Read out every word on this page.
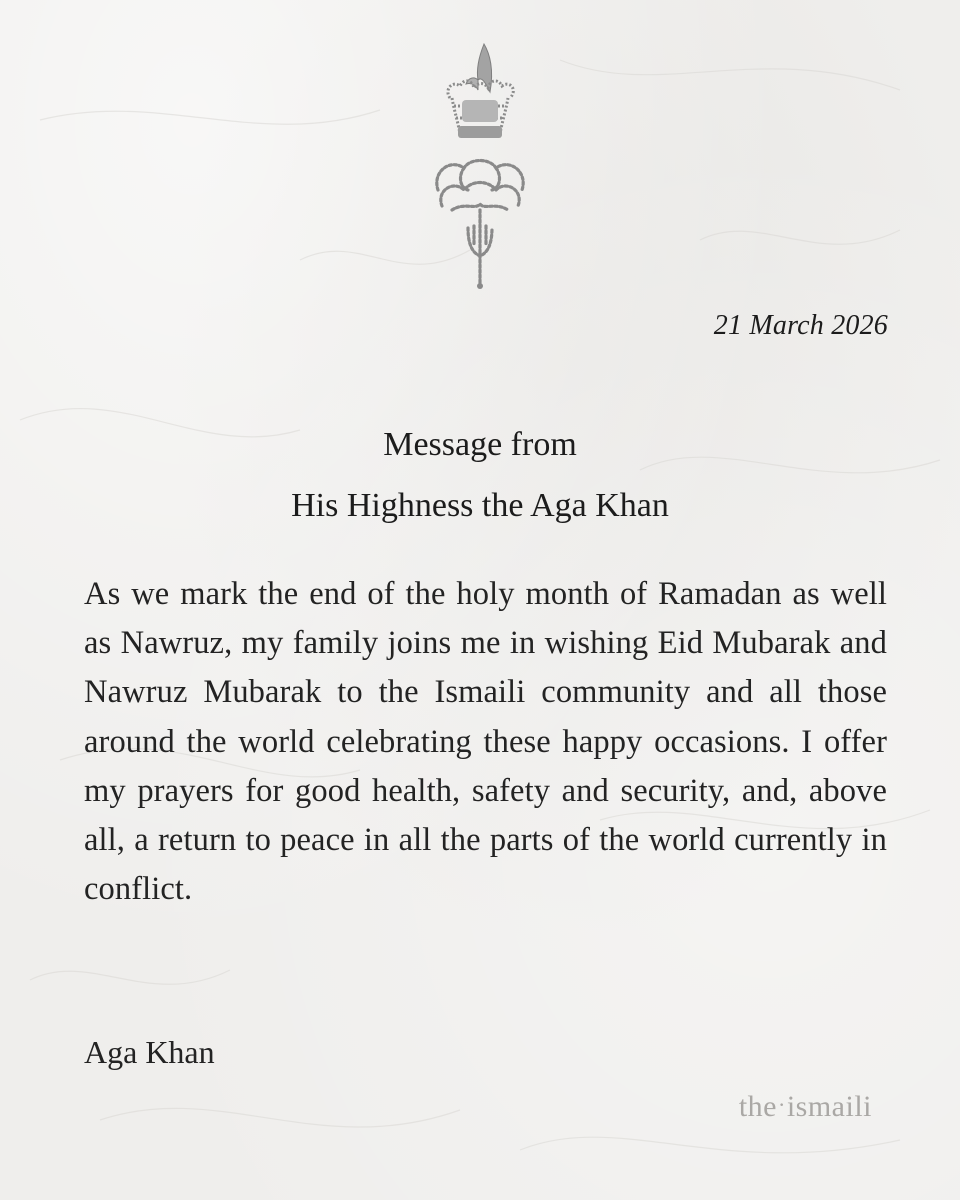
21 March 2026
Message from
His Highness the Aga Khan
As we mark the end of the holy month of Ramadan as well as Nawruz, my family joins me in wishing Eid Mubarak and Nawruz Mubarak to the Ismaili community and all those around the world celebrating these happy occasions. I offer my prayers for good health, safety and security, and, above all, a return to peace in all the parts of the world currently in conflict.
Aga Khan
the·ismaili
